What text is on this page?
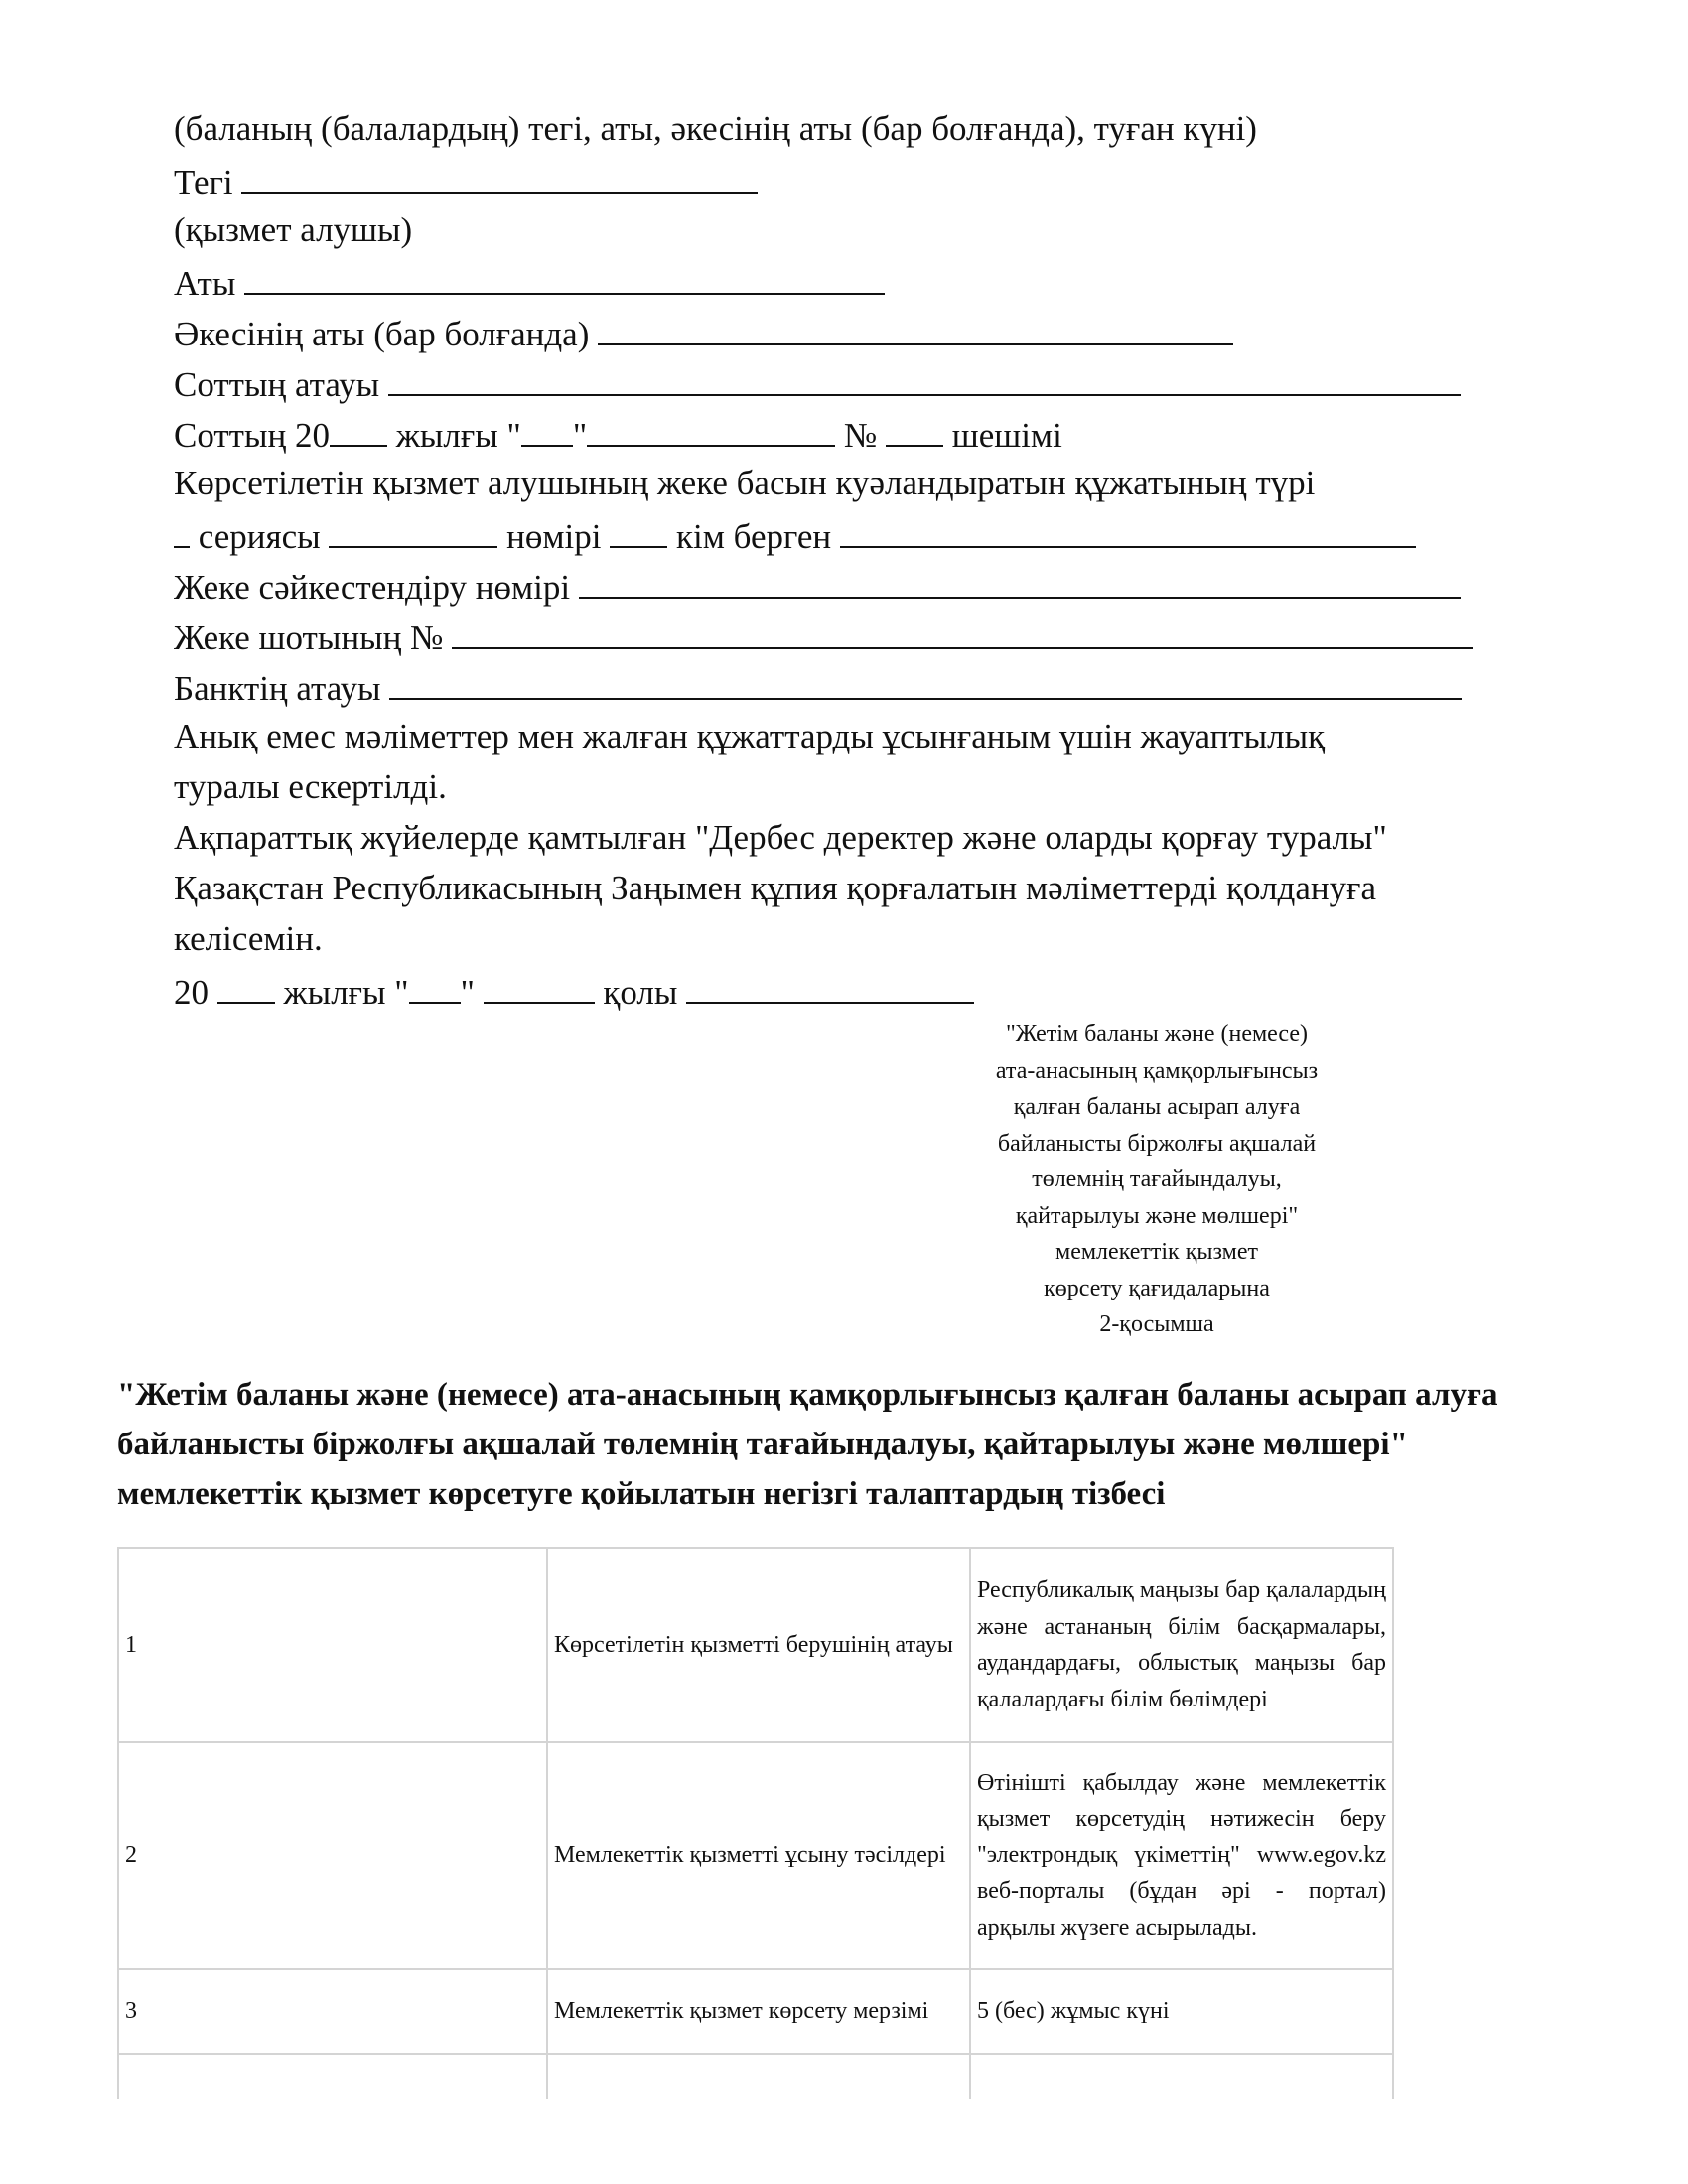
(баланың (балалардың) тегі, аты, әкесінің аты (бар болғанда), туған күні)
Тегі
(қызмет алушы)
Аты
Әкесінің аты (бар болғанда)
Соттың атауы
Соттың 20 жылғы " "	№ шешімі
Көрсетілетін қызмет алушының жеке басын куәландыратын құжатының түрі
серияcы	нөмірі кім берген
Жеке сәйкестендіру нөмірі
Жеке шотының №
Банктің атауы
Анық емес мәліметтер мен жалған құжаттарды ұсынғаным үшін жауаптылық
туралы ескертілді.
Ақпараттық жүйелерде қамтылған "Дербес деректер және оларды қорғау туралы"
Қазақстан Республикасының Заңымен құпия қорғалатын мәліметтерді қолдануға
келісемін.
20 жылғы " "	қолы
"Жетім баланы және (немесе)
ата-анасының қамқорлығынсыз
қалған баланы асырап алуға
байланысты біржолғы ақшалай
төлемнің тағайындалуы,
қайтарылуы және мөлшері"
мемлекеттік қызмет
көрсету қағидаларына
2-қосымша
"Жетім баланы және (немесе) ата-анасының қамқорлығынсыз қалған баланы асырап алуға
байланысты біржолғы ақшалай төлемнің тағайындалуы, қайтарылуы және мөлшері"
мемлекеттік қызмет көрсетуге қойылатын негізгі талаптардың тізбесі
1	Көрсетілетін қызметті берушінің атауы	Республикалық маңызы бар қалалардың және астананың білім басқармалары, аудандардағы, облыстық маңызы бар қалалардағы білім бөлімдері
2	Мемлекеттік қызметті ұсыну тәсілдері	Өтінішті қабылдау және мемлекеттік қызмет көрсетудің нәтижесін беру "электрондық үкіметтің" www.egov.kz веб-порталы (бұдан әрі - портал) арқылы жүзеге асырылады.
3	Мемлекеттік қызмет көрсету мерзімі	5 (бес) жұмыс күні
